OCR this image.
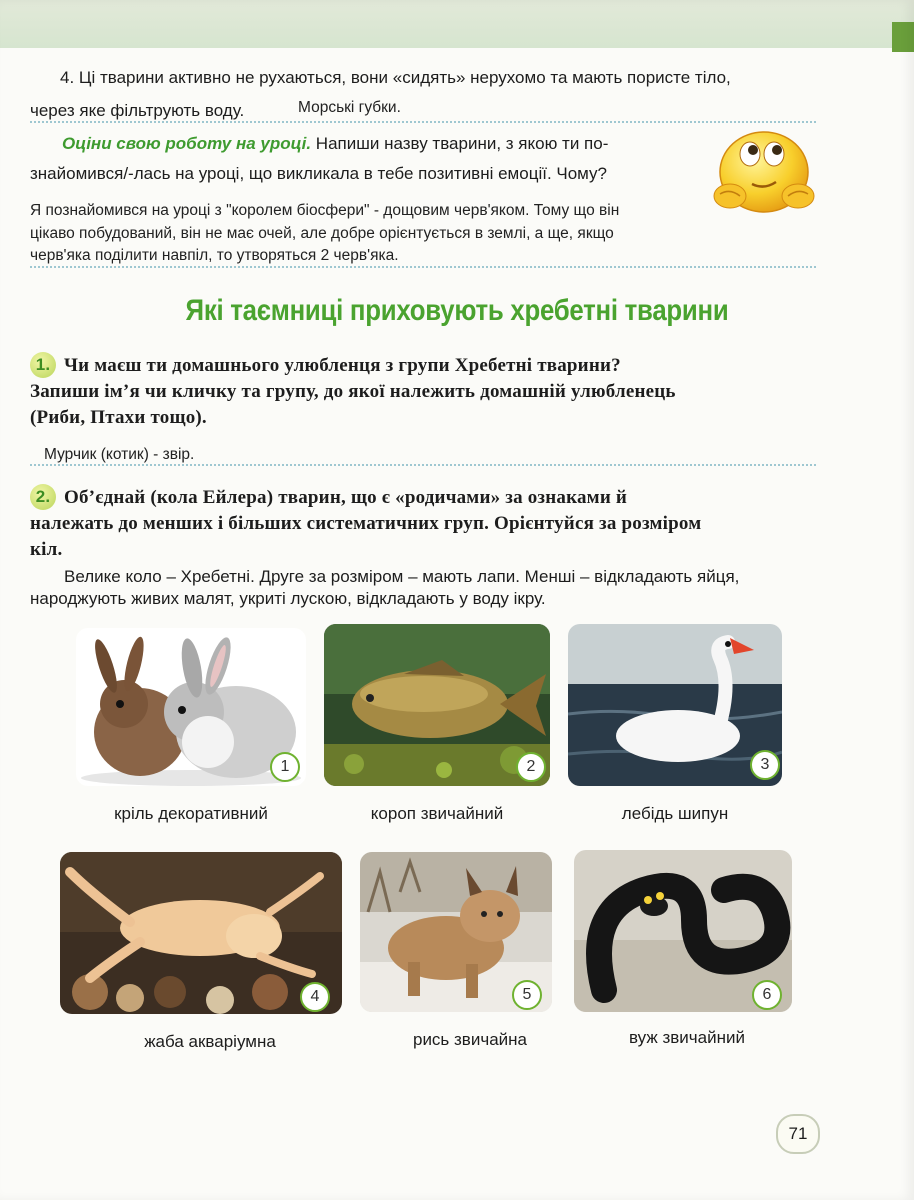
4. Ці тварини активно не рухаються, вони «сидять» нерухомо та мають пористе тіло,
через яке фільтрують воду.	Морські губки.
Оціни свою роботу на уроці. Напиши назву тварини, з якою ти по-
знайомився/-лась на уроці, що викликала в тебе позитивні емоції. Чому?
Я познайомився на уроці з "королем біосфери" - дощовим черв'яком. Тому що він
цікаво побудований, він не має очей, але добре орієнтується в землі, а ще, якщо
черв'яка поділити навпіл, то утворяться 2 черв'яка.
Які таємниці приховують хребетні тварини
1. Чи маєш ти домашнього улюбленця з групи Хребетні тварини?
Запиши ім’я чи кличку та групу, до якої належить домашній улюбленець
(Риби, Птахи тощо).
Мурчик (котик) - звір.
2. Об’єднай (кола Ейлера) тварин, що є «родичами» за ознаками й
належать до менших і більших систематичних груп. Орієнтуйся за розміром
кіл.
Велике коло – Хребетні. Друге за розміром – мають лапи. Менші – відкладають яйця,
народжують живих малят, укриті лускою, відкладають у воду ікру.
1
кріль декоративний
2
короп звичайний
3
лебідь шипун
4
жаба акваріумна
5
рись звичайна
6
вуж звичайний
71
